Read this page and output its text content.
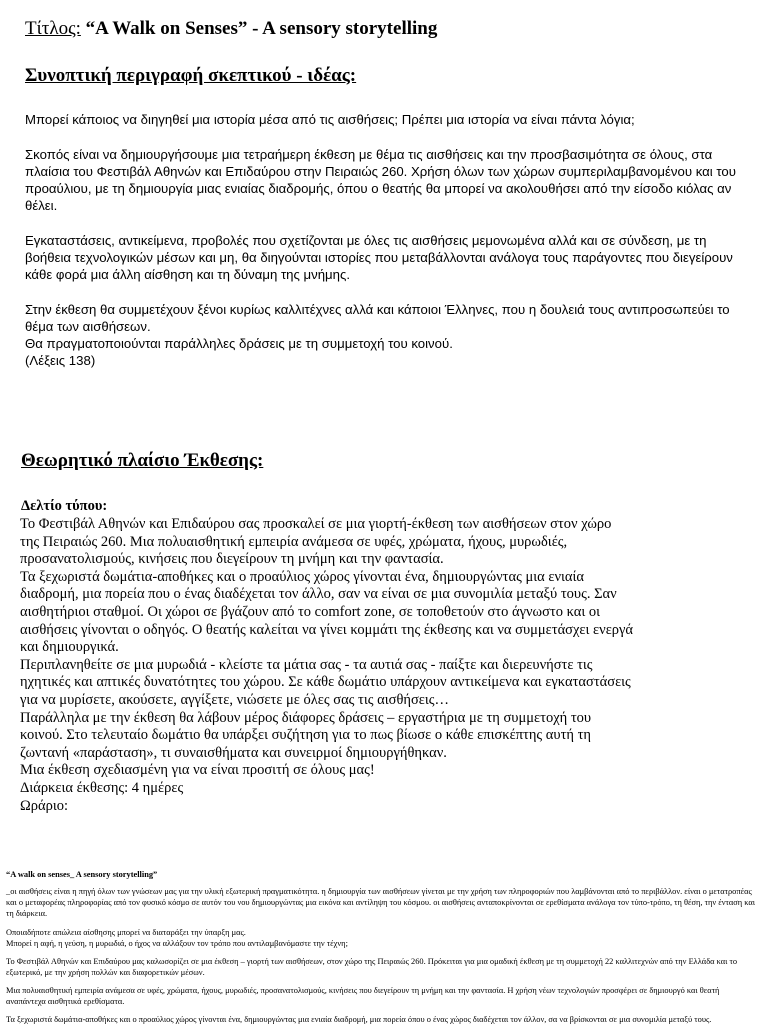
Τίτλος: “A Walk on Senses” - A sensory storytelling
Συνοπτική περιγραφή σκεπτικού - ιδέας:
Μπορεί κάποιος να διηγηθεί μια ιστορία μέσα από τις αισθήσεις; Πρέπει μια ιστορία να είναι πάντα λόγια;
Σκοπός είναι να δημιουργήσουμε μια τετραήμερη έκθεση με θέμα τις αισθήσεις και την προσβασιμότητα σε όλους, στα πλαίσια του Φεστιβάλ Αθηνών και Επιδαύρου στην Πειραιώς 260. Χρήση όλων των χώρων συμπεριλαμβανομένου και του προαύλιου, με τη δημιουργία μιας ενιαίας διαδρομής, όπου ο θεατής θα μπορεί να ακολουθήσει από την είσοδο κιόλας αν θέλει.
Εγκαταστάσεις, αντικείμενα, προβολές που σχετίζονται με όλες τις αισθήσεις μεμονωμένα αλλά και σε σύνδεση, με τη βοήθεια τεχνολογικών μέσων και μη, θα διηγούνται ιστορίες που μεταβάλλονται ανάλογα τους παράγοντες που διεγείρουν κάθε φορά μια άλλη αίσθηση και τη δύναμη της μνήμης.
Στην έκθεση θα συμμετέχουν ξένοι κυρίως καλλιτέχνες αλλά και κάποιοι Έλληνες, που η δουλειά τους αντιπροσωπεύει το θέμα των αισθήσεων.
Θα πραγματοποιούνται παράλληλες δράσεις με τη συμμετοχή του κοινού.
(Λέξεις 138)
Θεωρητικό πλαίσιο Έκθεσης:
Δελτίο τύπου:
Το Φεστιβάλ Αθηνών και Επιδαύρου σας προσκαλεί σε μια γιορτή-έκθεση των αισθήσεων στον χώρο
της Πειραιώς 260. Μια πολυαισθητική εμπειρία ανάμεσα σε υφές, χρώματα, ήχους, μυρωδιές,
προσανατολισμούς, κινήσεις που διεγείρουν τη μνήμη και την φαντασία.
Τα ξεχωριστά δωμάτια-αποθήκες και ο προαύλιος χώρος γίνονται ένα, δημιουργώντας μια ενιαία
διαδρομή, μια πορεία που ο ένας διαδέχεται τον άλλο, σαν να είναι σε μια συνομιλία μεταξύ τους. Σαν
αισθητήριοι σταθμοί. Οι χώροι σε βγάζουν από το comfort zone, σε τοποθετούν στο άγνωστο και οι
αισθήσεις γίνονται ο οδηγός. Ο θεατής καλείται να γίνει κομμάτι της έκθεσης και να συμμετάσχει ενεργά
και δημιουργικά.
Περιπλανηθείτε σε μια μυρωδιά - κλείστε τα μάτια σας - τα αυτιά σας - παίξτε και διερευνήστε τις
ηχητικές και απτικές δυνατότητες του χώρου. Σε κάθε δωμάτιο υπάρχουν αντικείμενα και εγκαταστάσεις
για να μυρίσετε, ακούσετε, αγγίξετε, νιώσετε με όλες σας τις αισθήσεις…
Παράλληλα με την έκθεση θα λάβουν μέρος διάφορες δράσεις – εργαστήρια με τη συμμετοχή του
κοινού. Στο τελευταίο δωμάτιο θα υπάρξει συζήτηση για το πως βίωσε ο κάθε επισκέπτης αυτή τη
ζωντανή «παράσταση», τι συναισθήματα και συνειρμοί δημιουργήθηκαν.
Μια έκθεση σχεδιασμένη για να είναι προσιτή σε όλους μας!
Διάρκεια έκθεσης: 4 ημέρες
Ωράριο:
“A walk on senses_ A sensory storytelling”
_οι αισθήσεις είναι η πηγή όλων των γνώσεων μας για την υλική εξωτερική πραγματικότητα. η δημιουργία των αισθήσεων γίνεται με την χρήση των πληροφοριών που λαμβάνονται από το περιβάλλον. είναι ο μετατροπέας και ο μεταφορέας πληροφορίας από τον φυσικό κόσμο σε αυτόν του νου δημιουργώντας μια εικόνα και αντίληψη του κόσμου. οι αισθήσεις ανταποκρίνονται σε ερεθίσματα ανάλογα τον τύπο-τρόπο, τη θέση, την ένταση και τη διάρκεια.
Οποιαδήποτε απώλεια αίσθησης μπορεί να διαταράξει την ύπαρξη μας.
Μπορεί η αφή, η γεύση, η μυρωδιά, ο ήχος να αλλάξουν τον τρόπο που αντιλαμβανόμαστε την τέχνη;
Το Φεστιβάλ Αθηνών και Επιδαύρου μας καλωσορίζει σε μια έκθεση – γιορτή των αισθήσεων, στον χώρο της Πειραιώς 260. Πρόκειται για μια ομαδική έκθεση με τη συμμετοχή 22 καλλιτεχνών από την Ελλάδα και το εξωτερικό, με την χρήση πολλών και διαφορετικών μέσων.
Μια πολυαισθητική εμπειρία ανάμεσα σε υφές, χρώματα, ήχους, μυρωδιές, προσανατολισμούς, κινήσεις που διεγείρουν τη μνήμη και την φαντασία. Η χρήση νέων τεχνολογιών προσφέρει σε δημιουργό και θεατή αναπάντεχα αισθητικά ερεθίσματα.
Τα ξεχωριστά δωμάτια-αποθήκες και ο προαύλιος χώρος γίνονται ένα, δημιουργώντας μια ενιαία διαδρομή, μια πορεία όπου ο ένας χώρος διαδέχεται τον άλλον, σα να βρίσκονται σε μια συνομιλία μεταξύ τους.
